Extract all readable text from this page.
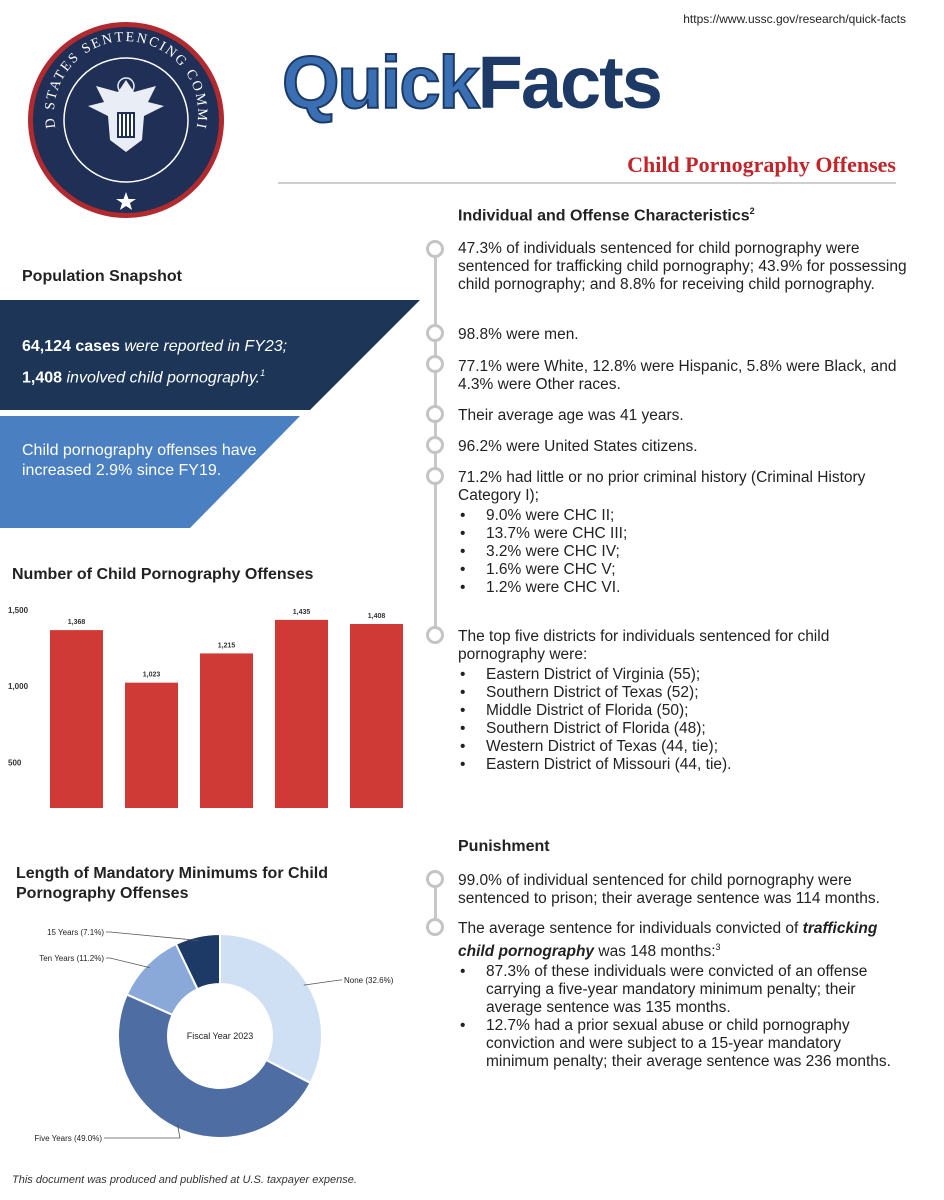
https://www.ussc.gov/research/quick-facts
D STATES SENTENCING COMMI
QuickFacts
Child Pornography Offenses
Population Snapshot
64,124 cases were reported in FY23;
1,408 involved child pornography.$^1$
Child pornography offenses have increased 2.9% since FY19.
Number of Child Pornography Offenses
1,500
1,000
500
1,368
1,023
1,215
1,435
1,408
Length of Mandatory Minimums for Child Pornography Offenses
None (32.6%)
Five Years (49.0%)
Ten Years (11.2%)
15 Years (7.1%)
Fiscal Year 2023
This document was produced and published at U.S. taxpayer expense.
Individual and Offense Characteristics$^2$
47.3% of individuals sentenced for child pornography were sentenced for trafficking child pornography; 43.9% for possessing child pornography; and 8.8% for receiving child pornography.
98.8% were men.
77.1% were White, 12.8% were Hispanic, 5.8% were Black, and 4.3% were Other races.
Their average age was 41 years.
96.2% were United States citizens.
71.2% had little or no prior criminal history (Criminal History Category I);
• 9.0% were CHC II;
• 13.7% were CHC III;
• 3.2% were CHC IV;
• 1.6% were CHC V;
• 1.2% were CHC VI.
The top five districts for individuals sentenced for child pornography were:
• Eastern District of Virginia (55);
• Southern District of Texas (52);
• Middle District of Florida (50);
• Southern District of Florida (48);
• Western District of Texas (44, tie);
• Eastern District of Missouri (44, tie).
Punishment
99.0% of individual sentenced for child pornography were sentenced to prison; their average sentence was 114 months.
The average sentence for individuals convicted of trafficking child pornography was 148 months:$^3$
• 87.3% of these individuals were convicted of an offense carrying a five-year mandatory minimum penalty; their average sentence was 135 months.
• 12.7% had a prior sexual abuse or child pornography conviction and were subject to a 15-year mandatory minimum penalty; their average sentence was 236 months.
